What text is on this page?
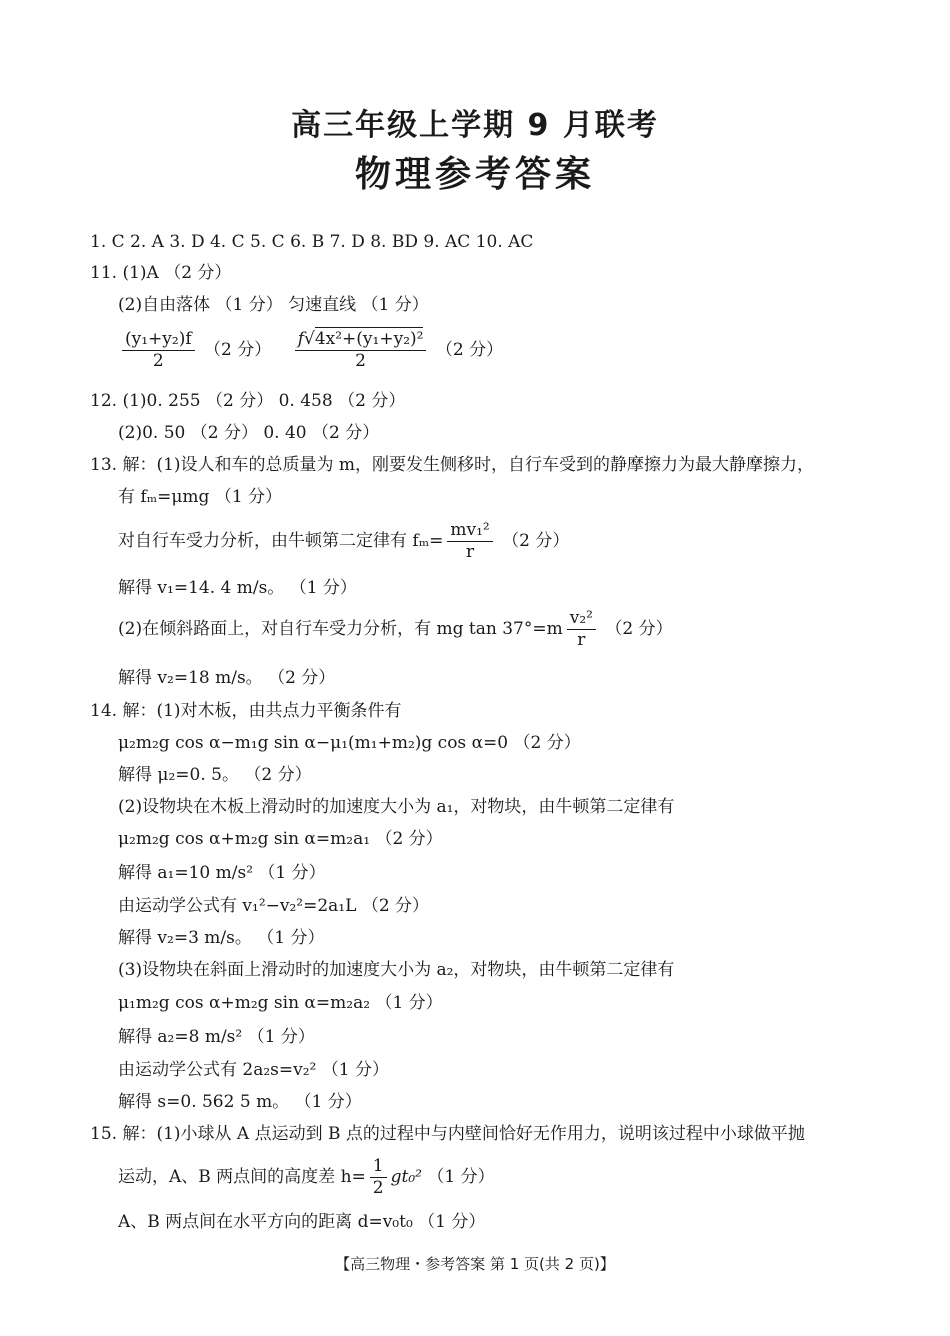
高三年级上学期 9 月联考
物理参考答案
1. C 2. A 3. D 4. C 5. C 6. B 7. D 8. BD 9. AC 10. AC
11. (1)A （2 分）
(2)自由落体 （1 分） 匀速直线 （1 分）
$\frac{\text{(y₁+y₂)f}}{2} (2$ 分） $\frac{\text{f√4x²+(y₁+y₂)²}}{2} (2$ 分）
12. (1)0. 255 （2 分） 0. 458 （2 分）
(2)0. 50 （2 分） 0. 40 （2 分）
13. 解：(1)设人和车的总质量为 m，刚要发生侧移时，自行车受到的静摩擦力为最大静摩擦力，
有 fₘ=μmg （1 分）
对自行车受力分析，由牛顿第二定律有 $f_m= \frac{\text{mv₁²}}{r} (2$ 分）
解得 v₁=14. 4 m/s。 （1 分）
(2)在倾斜路面上，对自行车受力分析，有 mg $\tan 37^\circ=m \frac{\text{v₂²}}{r} (2$ 分）
解得 v₂=18 m/s。 （2 分）
14. 解：(1)对木板，由共点力平衡条件有
μ₂m₂g cos α−m₁g sin α−μ₁(m₁+m₂)g cos α=0 （2 分）
解得 μ₂=0. 5。 （2 分）
(2)设物块在木板上滑动时的加速度大小为 a₁，对物块，由牛顿第二定律有
μ₂m₂g cos α+m₂g sin α=m₂a₁ （2 分）
解得 a₁=10 m/s² （1 分）
由运动学公式有 v₁²−v₂²=2a₁L （2 分）
解得 v₂=3 m/s。 （1 分）
(3)设物块在斜面上滑动时的加速度大小为 a₂，对物块，由牛顿第二定律有
μ₁m₂g cos α+m₂g sin α=m₂a₂ （1 分）
解得 a₂=8 m/s² （1 分）
由运动学公式有 2a₂s=v₂² （1 分）
解得 s=0. 562 5 m。 （1 分）
15. 解：(1)小球从 A 点运动到 B 点的过程中与内壁间恰好无作用力，说明该过程中小球做平抛
运动，A、B 两点间的高度差 $h= \frac{1}{2} gt_0^2$ （1 分）
A、B 两点间在水平方向的距离 d=v₀t₀ （1 分）
【高三物理・参考答案 第 1 页(共 2 页)】
